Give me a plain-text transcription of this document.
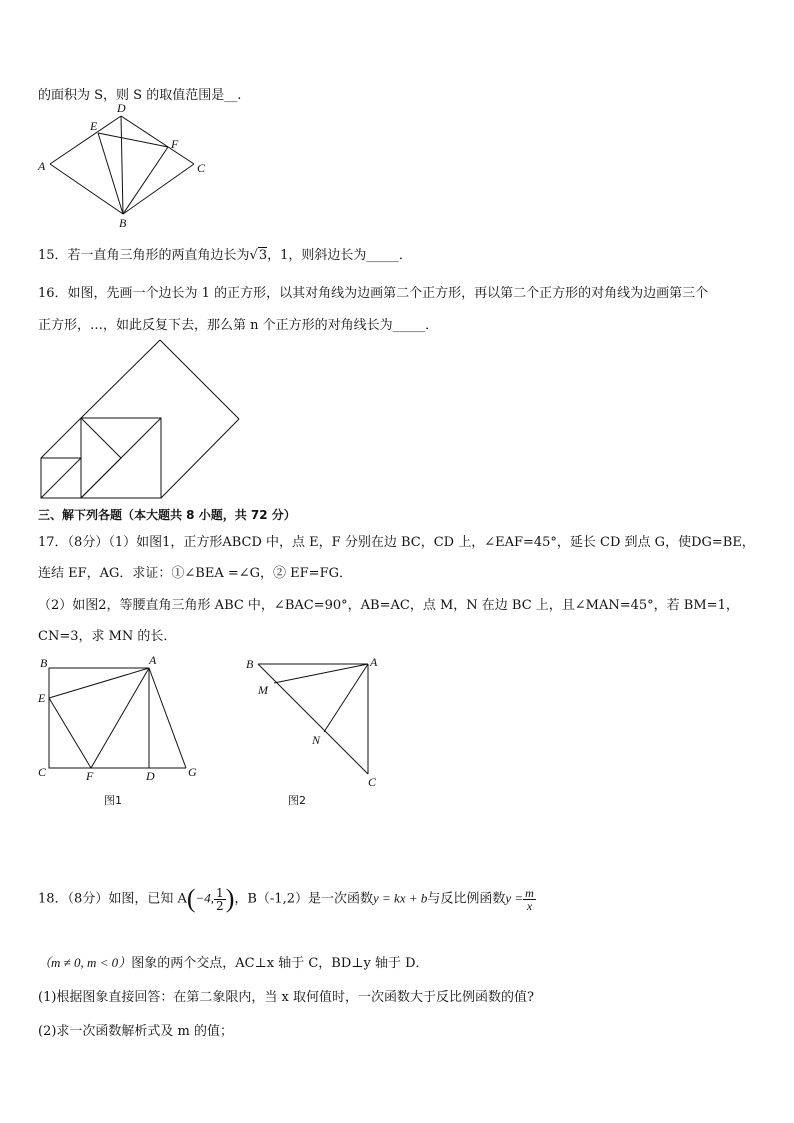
的面积为 S，则 S 的取值范围是__.
A
D
E
F
C
B
15．若一直角三角形的两直角边长为√3，1，则斜边长为_____．
16．如图，先画一个边长为 1 的正方形，以其对角线为边画第二个正方形，再以第二个正方形的对角线为边画第三个
正方形，…，如此反复下去，那么第 n 个正方形的对角线长为_____．
三、解下列各题（本大题共 8 小题，共 72 分）
17．（8分）（1）如图1，正方形ABCD 中，点 E，F 分别在边 BC，CD 上，∠EAF=45°，延长 CD 到点 G，使DG=BE，
连结 EF，AG．求证：①∠BEA =∠G，② EF=FG．
（2）如图2，等腰直角三角形 ABC 中，∠BAC=90°，AB=AC，点 M，N 在边 BC 上，且∠MAN=45°，若 BM=1，
CN=3，求 MN 的长．
B	A
E
C	F	D	G
图1
B	A
M
N
C
图2
18．（8分）如图，已知 A(−4, $\frac{1}{2}$ )，B（-1,2）是一次函数y = kx + b与反比例函数$y = \frac{m}{x}$
（m ≠ 0, m < 0）图象的两个交点，AC⊥x 轴于 C，BD⊥y 轴于 D．
(1)根据图象直接回答：在第二象限内，当 x 取何值时，一次函数大于反比例函数的值?
(2)求一次函数解析式及 m 的值；
